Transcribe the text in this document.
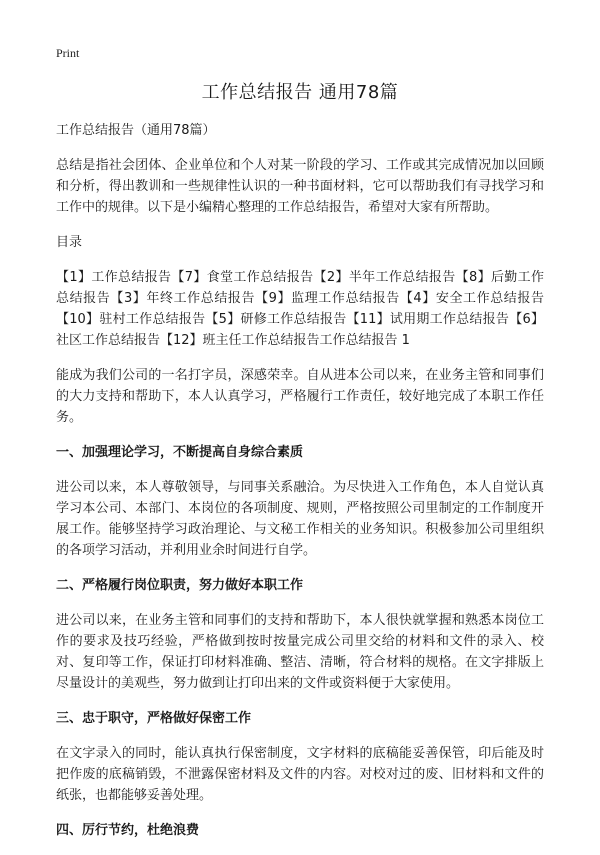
Print
工作总结报告 通用78篇

工作总结报告（通用78篇）

总结是指社会团体、企业单位和个人对某一阶段的学习、工作或其完成情况加以回顾和分析，得出教训和一些规律性认识的一种书面材料，它可以帮助我们有寻找学习和工作中的规律。以下是小编精心整理的工作总结报告，希望对大家有所帮助。

目录

【1】工作总结报告【7】食堂工作总结报告【2】半年工作总结报告【8】后勤工作总结报告【3】年终工作总结报告【9】监理工作总结报告【4】安全工作总结报告【10】驻村工作总结报告【5】研修工作总结报告【11】试用期工作总结报告【6】社区工作总结报告【12】班主任工作总结报告工作总结报告 1

能成为我们公司的一名打字员，深感荣幸。自从进本公司以来，在业务主管和同事们的大力支持和帮助下，本人认真学习，严格履行工作责任，较好地完成了本职工作任务。

一、加强理论学习，不断提高自身综合素质

进公司以来，本人尊敬领导，与同事关系融洽。为尽快进入工作角色，本人自觉认真学习本公司、本部门、本岗位的各项制度、规则，严格按照公司里制定的工作制度开展工作。能够坚持学习政治理论、与文秘工作相关的业务知识。积极参加公司里组织的各项学习活动，并利用业余时间进行自学。

二、严格履行岗位职责，努力做好本职工作

进公司以来，在业务主管和同事们的支持和帮助下，本人很快就掌握和熟悉本岗位工作的要求及技巧经验，严格做到按时按量完成公司里交给的材料和文件的录入、校对、复印等工作，保证打印材料准确、整洁、清晰，符合材料的规格。在文字排版上尽量设计的美观些，努力做到让打印出来的文件或资料便于大家使用。

三、忠于职守，严格做好保密工作

在文字录入的同时，能认真执行保密制度，文字材料的底稿能妥善保管，印后能及时把作废的底稿销毁，不泄露保密材料及文件的内容。对校对过的废、旧材料和文件的纸张，也都能够妥善处理。

四、厉行节约，杜绝浪费
